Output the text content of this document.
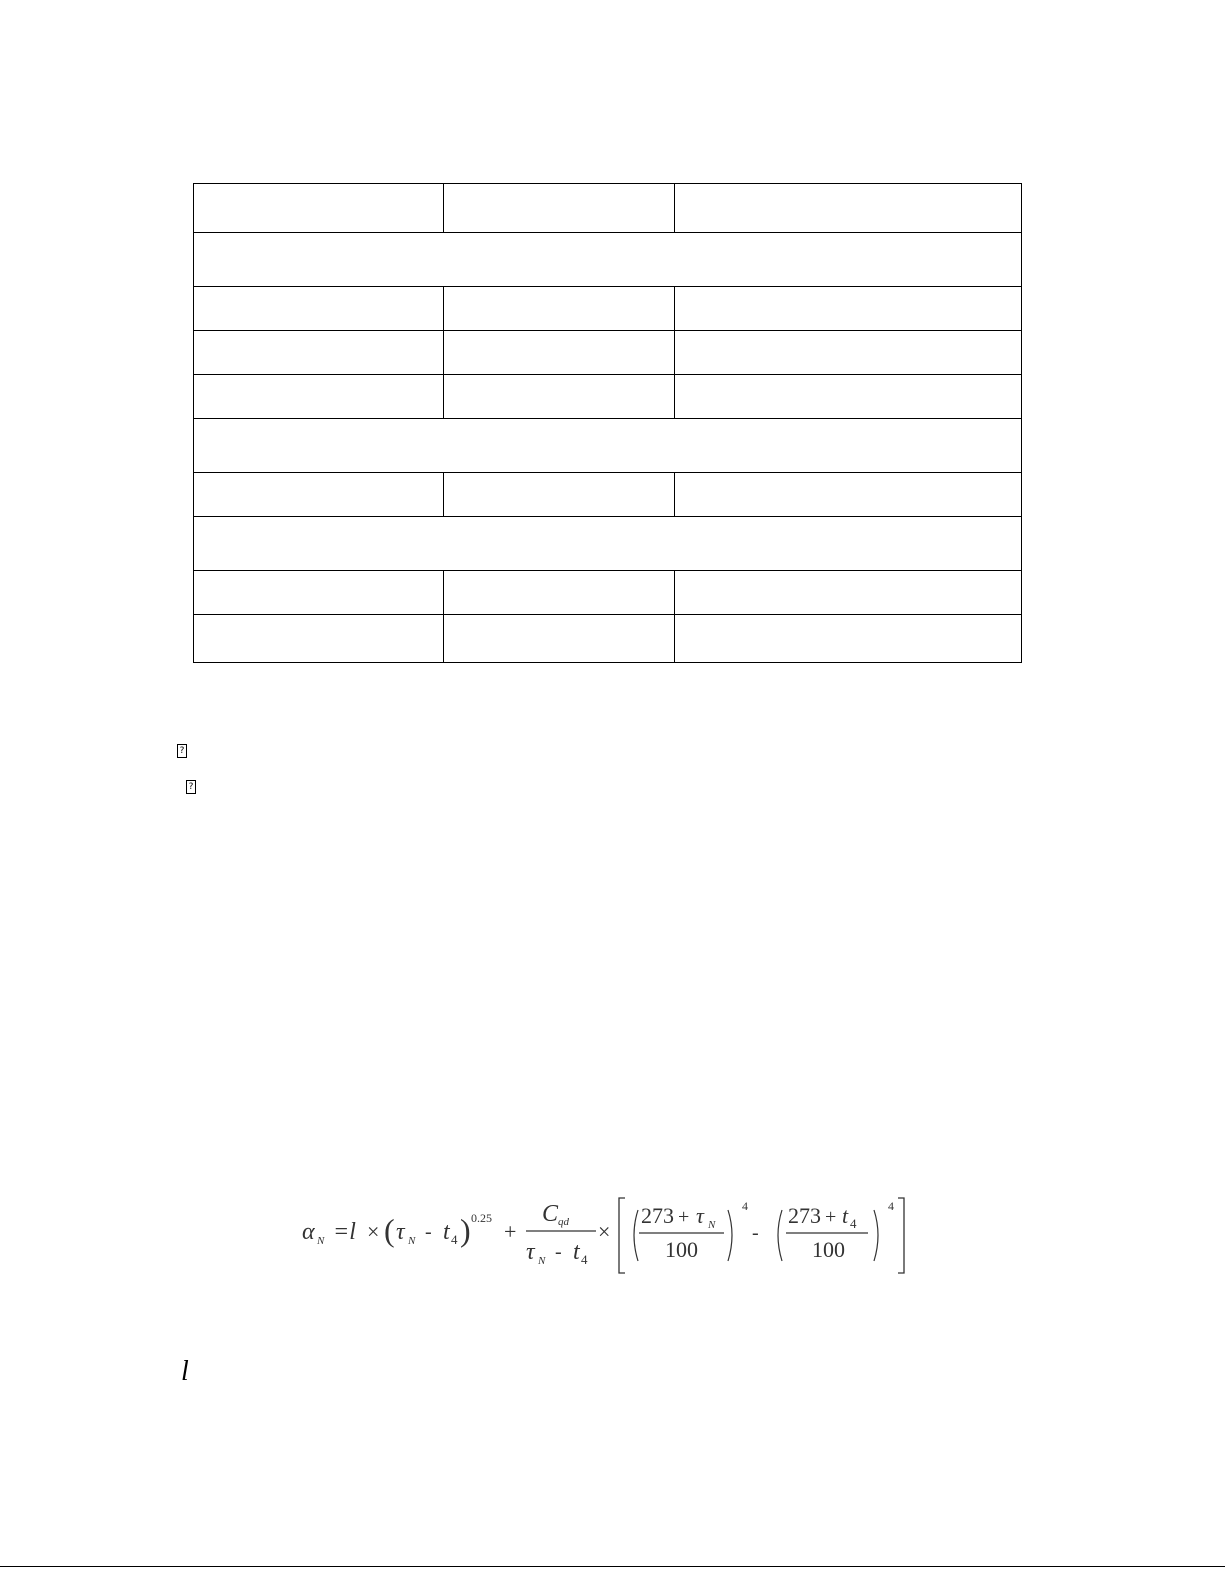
?
?
α N =l × ( τ N - t 4 ) 0.25
+
C qd
τ N - t 4
×
273 + τ N
100
4
-
273 + t 4
100
4
l
